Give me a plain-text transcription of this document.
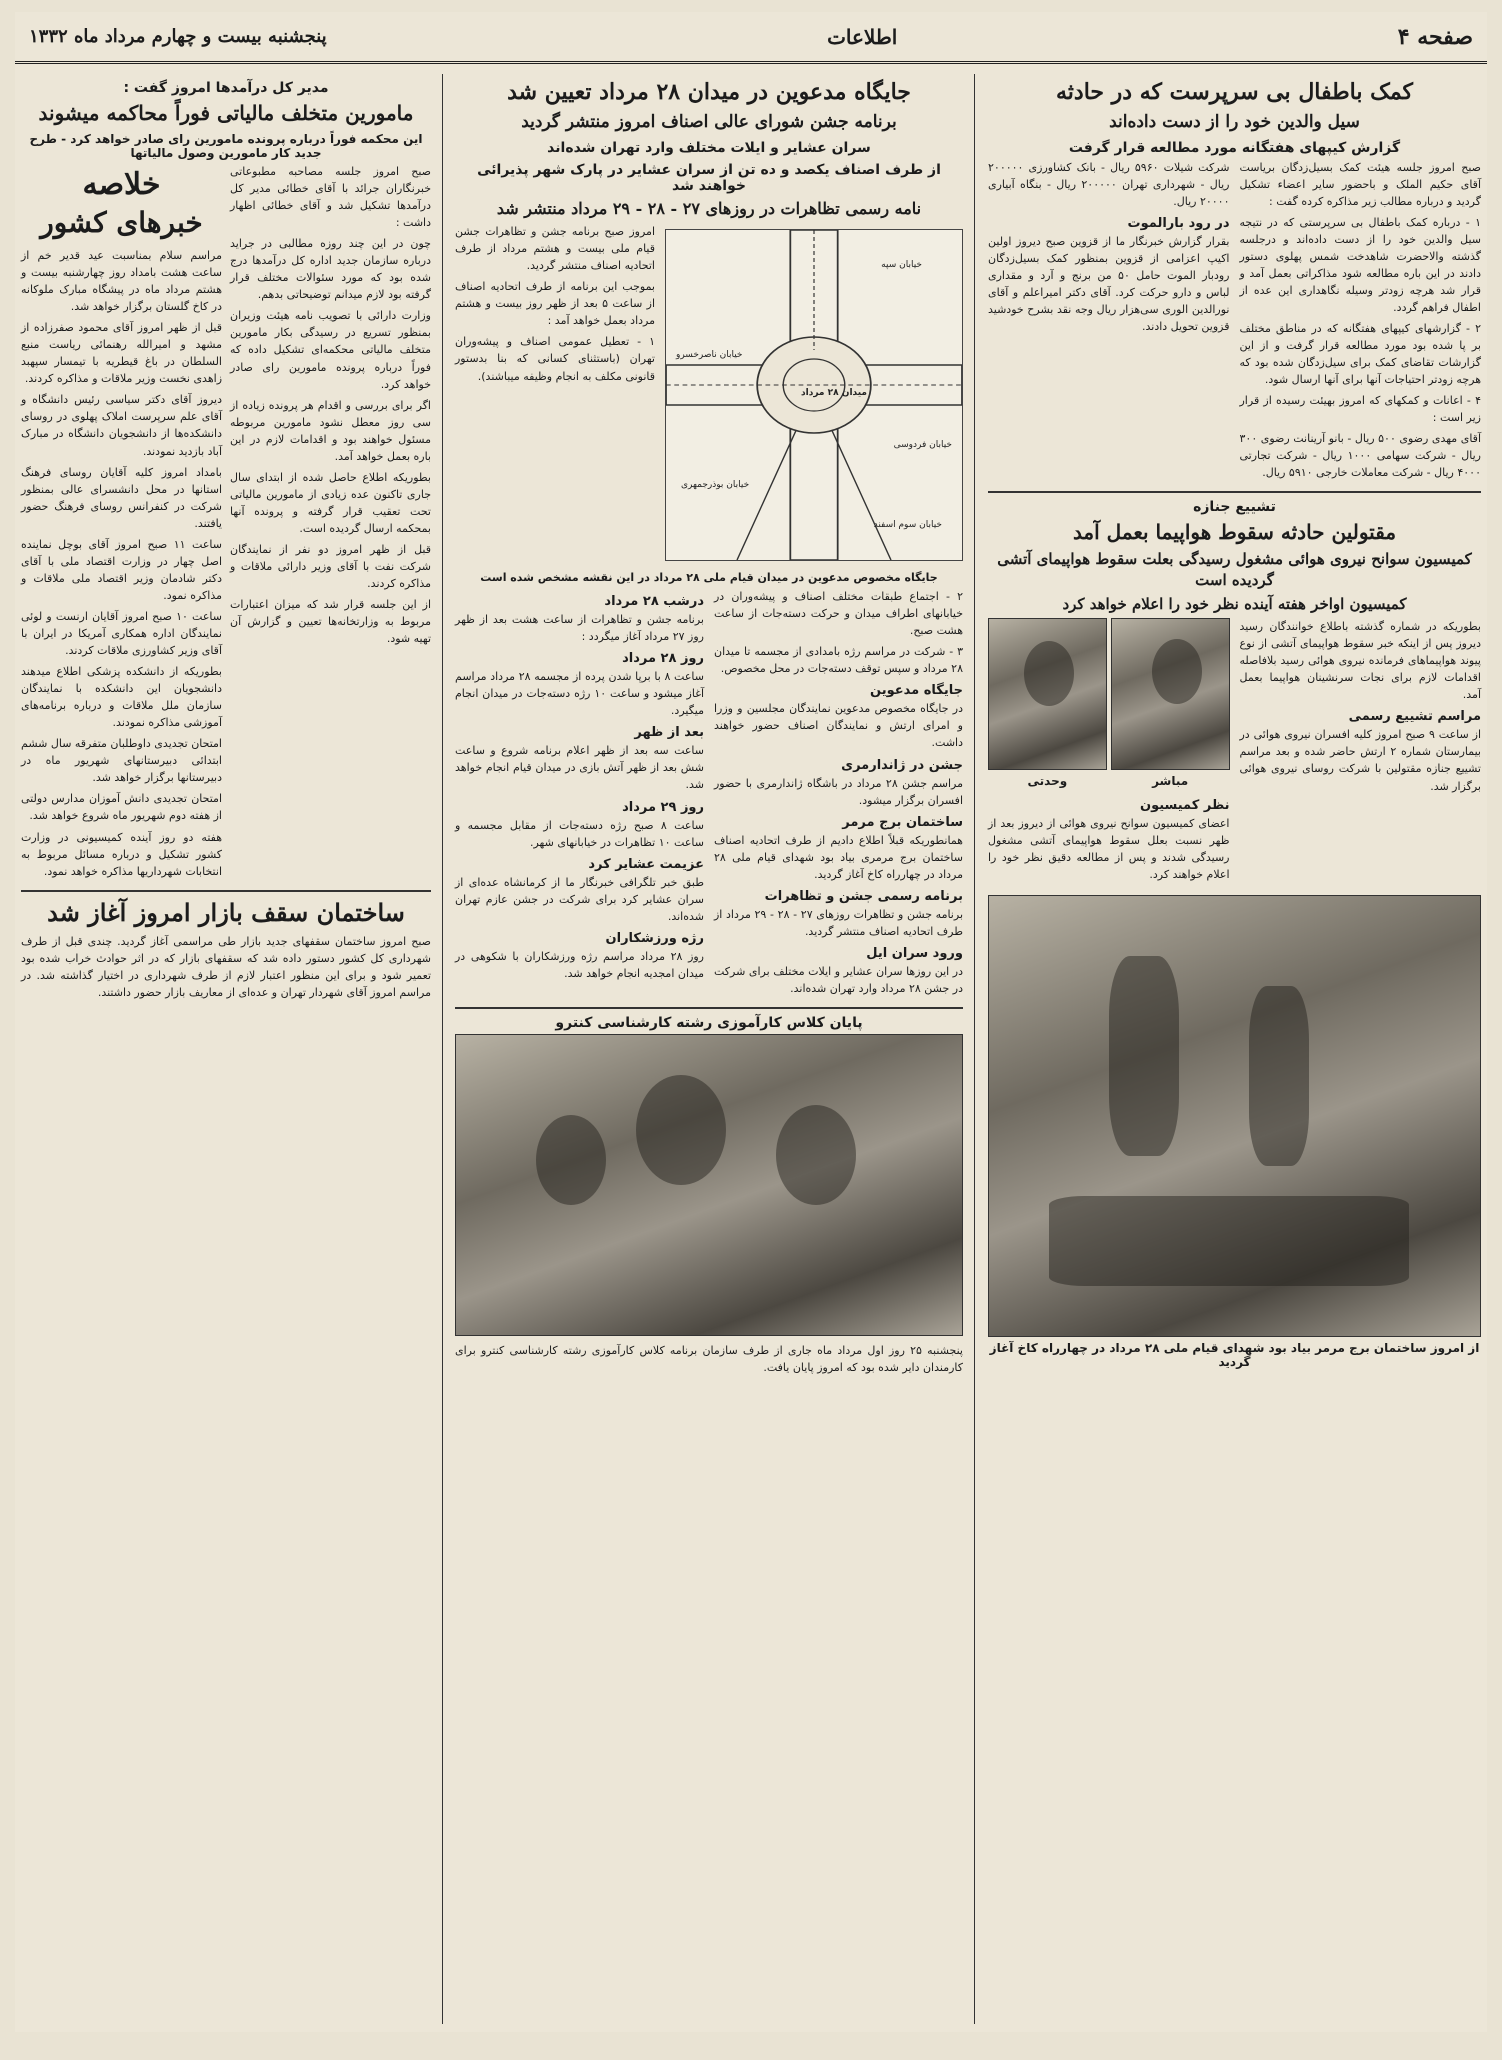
صفحه ۴
اطلاعات
پنجشنبه بیست و چهارم مرداد ماه ۱۳۳۲
کمک باطفال بی سرپرست که در حادثه
سیل والدین خود را از دست داده‌اند
گزارش کیپهای هفتگانه مورد مطالعه قرار گرفت

صبح امروز جلسه هیئت کمک بسیل‌زدگان بریاست آقای حکیم الملک و باحضور سایر اعضاء تشکیل گردید و درباره مطالب زیر مذاکره کرده گفت :

۱ - درباره کمک باطفال بی سرپرستی که در نتیجه سیل والدین خود را از دست داده‌اند و درجلسه گذشته والاحضرت شاهدخت شمس پهلوی دستور دادند در این باره مطالعه شود مذاکراتی بعمل آمد و قرار شد هرچه زودتر وسیله نگاهداری این عده از اطفال فراهم گردد.

۲ - گزارشهای کیپهای هفتگانه که در مناطق مختلف بر پا شده بود مورد مطالعه قرار گرفت و از این گزارشات تقاضای کمک برای سیل‌زدگان شده بود که هرچه زودتر احتیاجات آنها برای آنها ارسال شود.

۴ - اعانات و کمکهای که امروز بهیئت رسیده از قرار زیر است :

آقای مهدی رضوی ۵۰۰ ریال - بانو آرینانت رضوی ۳۰۰ ریال - شرکت سهامی ۱۰۰۰ ریال - شرکت تجارتی ۴۰۰۰ ریال - شرکت معاملات خارجی ۵۹۱۰ ریال.

شرکت شیلات ۵۹۶۰ ریال - بانک کشاورزی ۲۰۰۰۰۰ ریال - شهرداری تهران ۲۰۰۰۰۰ ریال - بنگاه آبیاری ۲۰۰۰۰ ریال.

در رود بارالموت

بقرار گزارش خبرنگار ما از قزوین صبح دیروز اولین اکیپ اعزامی از قزوین بمنظور کمک بسیل‌زدگان رودبار الموت حامل ۵۰ من برنج و آرد و مقداری لباس و دارو حرکت کرد. آقای دکتر امیراعلم و آقای نورالدین الوری سی‌هزار ریال وجه نقد بشرح خودشید قزوین تحویل دادند.

تشییع جنازه
مقتولین حادثه سقوط هواپیما بعمل آمد
کمیسیون سوانح نیروی هوائی مشغول رسیدگی بعلت سقوط هواپیمای آتشی گردیده است
کمیسیون اواخر هفته آینده نظر خود را اعلام خواهد کرد

بطوریکه در شماره گذشته باطلاع خوانندگان رسید دیروز پس از اینکه خبر سقوط هواپیمای آتشی از نوع پیوند هواپیماهای فرمانده نیروی هوائی رسید بلافاصله اقدامات لازم برای نجات سرنشینان هواپیما بعمل آمد.

مراسم تشییع رسمی

از ساعت ۹ صبح امروز کلیه افسران نیروی هوائی در بیمارستان شماره ۲ ارتش حاضر شده و بعد مراسم تشییع جنازه مقتولین با شرکت روسای نیروی هوائی برگزار شد.

مباشر
وحدتی
نظر کمیسیون

اعضای کمیسیون سوانح نیروی هوائی از دیروز بعد از ظهر نسبت بعلل سقوط هواپیمای آتشی مشغول رسیدگی شدند و پس از مطالعه دقیق نظر خود را اعلام خواهند کرد.

از امروز ساختمان برج مرمر بیاد بود شهدای قیام ملی ۲۸ مرداد در چهارراه کاخ آغاز گردید
جایگاه مدعوین در میدان ۲۸ مرداد تعیین شد
برنامه جشن شورای عالی اصناف امروز منتشر گردید
سران عشایر و ایلات مختلف وارد تهران شده‌اند
از طرف اصناف یکصد و ده تن از سران عشایر در پارک شهر پذیرائی خواهند شد
نامه رسمی تظاهرات در روزهای ۲۷ - ۲۸ - ۲۹ مرداد منتشر شد
خیابان سپه
میدان ۲۸ مرداد
خیابان فردوسی
خیابان ناصرخسرو
خیابان بوذرجمهری
خیابان سوم اسفند

امروز صبح برنامه جشن و تظاهرات جشن قیام ملی بیست و هشتم مرداد از طرف اتحادیه اصناف منتشر گردید.

بموجب این برنامه از طرف اتحادیه اصناف از ساعت ۵ بعد از ظهر روز بیست و هشتم مرداد بعمل خواهد آمد :

۱ - تعطیل عمومی اصناف و پیشه‌وران تهران (باستثنای کسانی که بنا بدستور قانونی مکلف به انجام وظیفه میباشند).

جایگاه مخصوص مدعوین در میدان قیام ملی ۲۸ مرداد در این نقشه مشخص شده است

۲ - اجتماع طبقات مختلف اصناف و پیشه‌وران در خیابانهای اطراف میدان و حرکت دسته‌جات از ساعت هشت صبح.

۳ - شرکت در مراسم رژه بامدادی از مجسمه تا میدان ۲۸ مرداد و سپس توقف دسته‌جات در محل مخصوص.

جایگاه مدعوین

در جایگاه مخصوص مدعوین نمایندگان مجلسین و وزرا و امرای ارتش و نمایندگان اصناف حضور خواهند داشت.

جشن در ژاندارمری

مراسم جشن ۲۸ مرداد در باشگاه ژاندارمری با حضور افسران برگزار میشود.

ساختمان برج مرمر

همانطوریکه قبلاً اطلاع دادیم از طرف اتحادیه اصناف ساختمان برج مرمری بیاد بود شهدای قیام ملی ۲۸ مرداد در چهارراه کاخ آغاز گردید.

برنامه رسمی جشن و تظاهرات

برنامه جشن و تظاهرات روزهای ۲۷ - ۲۸ - ۲۹ مرداد از طرف اتحادیه اصناف منتشر گردید.

ورود سران ایل

در این روزها سران عشایر و ایلات مختلف برای شرکت در جشن ۲۸ مرداد وارد تهران شده‌اند.

درشب ۲۸ مرداد

برنامه جشن و تظاهرات از ساعت هشت بعد از ظهر روز ۲۷ مرداد آغاز میگردد :

روز ۲۸ مرداد

ساعت ۸ با برپا شدن پرده از مجسمه ۲۸ مرداد مراسم آغاز میشود و ساعت ۱۰ رژه دسته‌جات در میدان انجام میگیرد.

بعد از ظهر

ساعت سه بعد از ظهر اعلام برنامه شروع و ساعت شش بعد از ظهر آتش بازی در میدان قیام انجام خواهد شد.

روز ۲۹ مرداد

ساعت ۸ صبح رژه دسته‌جات از مقابل مجسمه و ساعت ۱۰ تظاهرات در خیابانهای شهر.

عزیمت عشایر کرد

طبق خبر تلگرافی خبرنگار ما از کرمانشاه عده‌ای از سران عشایر کرد برای شرکت در جشن عازم تهران شده‌اند.

رژه ورزشکاران

روز ۲۸ مرداد مراسم رژه ورزشکاران با شکوهی در میدان امجدیه انجام خواهد شد.

پایان کلاس کارآموزی رشته کارشناسی کنترو

پنجشنبه ۲۵ روز اول مرداد ماه جاری از طرف سازمان برنامه کلاس کارآموزی رشته کارشناسی کنترو برای کارمندان دایر شده بود که امروز پایان یافت.

مدیر کل درآمدها امروز گفت :
مامورین متخلف مالیاتی فوراً محاکمه میشوند
این محکمه فوراً درباره پرونده مامورین رای صادر خواهد کرد - طرح جدید کار مامورین وصول مالیاتها

صبح امروز جلسه مصاحبه مطبوعاتی خبرنگاران جرائد با آقای خطائی مدیر کل درآمدها تشکیل شد و آقای خطائی اظهار داشت :

چون در این چند روزه مطالبی در جراید درباره سازمان جدید اداره کل درآمدها درج شده بود که مورد سئوالات مختلف قرار گرفته بود لازم میدانم توضیحاتی بدهم.

وزارت دارائی با تصویب نامه هیئت وزیران بمنظور تسریع در رسیدگی بکار مامورین متخلف مالیاتی محکمه‌ای تشکیل داده که فوراً درباره پرونده مامورین رای صادر خواهد کرد.

اگر برای بررسی و اقدام هر پرونده زیاده از سی روز معطل نشود مامورین مربوطه مسئول خواهند بود و اقدامات لازم در این باره بعمل خواهد آمد.

بطوریکه اطلاع حاصل شده از ابتدای سال جاری تاکنون عده زیادی از مامورین مالیاتی تحت تعقیب قرار گرفته و پرونده آنها بمحکمه ارسال گردیده است.

قبل از ظهر امروز دو نفر از نمایندگان شرکت نفت با آقای وزیر دارائی ملاقات و مذاکره کردند.

از این جلسه قرار شد که میزان اعتبارات مربوط به وزارتخانه‌ها تعیین و گزارش آن تهیه شود.

خلاصه
خبرهای کشور

مراسم سلام بمناسبت عید قدیر خم از ساعت هشت بامداد روز چهارشنبه بیست و هشتم مرداد ماه در پیشگاه مبارک ملوکانه در کاخ گلستان برگزار خواهد شد.

قبل از ظهر امروز آقای محمود صفرزاده از مشهد و امیرالله رهنمائی ریاست منبع السلطان در باغ قیطریه با تیمسار سپهبد زاهدی نخست وزیر ملاقات و مذاکره کردند.

دیروز آقای دکتر سیاسی رئیس دانشگاه و آقای علم سرپرست املاک پهلوی در روسای دانشکده‌ها از دانشجویان دانشگاه در مبارک آباد بازدید نمودند.

بامداد امروز کلیه آقایان روسای فرهنگ استانها در محل دانشسرای عالی بمنظور شرکت در کنفرانس روسای فرهنگ حضور یافتند.

ساعت ۱۱ صبح امروز آقای بوچل نماینده اصل چهار در وزارت اقتصاد ملی با آقای دکتر شادمان وزیر اقتصاد ملی ملاقات و مذاکره نمود.

ساعت ۱۰ صبح امروز آقایان ارنست و لوئی نمایندگان اداره همکاری آمریکا در ایران با آقای وزیر کشاورزی ملاقات کردند.

بطوریکه از دانشکده پزشکی اطلاع میدهند دانشجویان این دانشکده با نمایندگان سازمان ملل ملاقات و درباره برنامه‌های آموزشی مذاکره نمودند.

امتحان تجدیدی داوطلبان متفرقه سال ششم ابتدائی دبیرستانهای شهریور ماه در دبیرستانها برگزار خواهد شد.

امتحان تجدیدی دانش آموزان مدارس دولتی از هفته دوم شهریور ماه شروع خواهد شد.

هفته دو روز آینده کمیسیونی در وزارت کشور تشکیل و درباره مسائل مربوط به انتخابات شهرداریها مذاکره خواهد نمود.

ساختمان سقف بازار امروز آغاز شد

صبح امروز ساختمان سقفهای جدید بازار طی مراسمی آغاز گردید. چندی قبل از طرف شهرداری کل کشور دستور داده شد که سقفهای بازار که در اثر حوادث خراب شده بود تعمیر شود و برای این منظور اعتبار لازم از طرف شهرداری در اختیار گذاشته شد. در مراسم امروز آقای شهردار تهران و عده‌ای از معاریف بازار حضور داشتند.
